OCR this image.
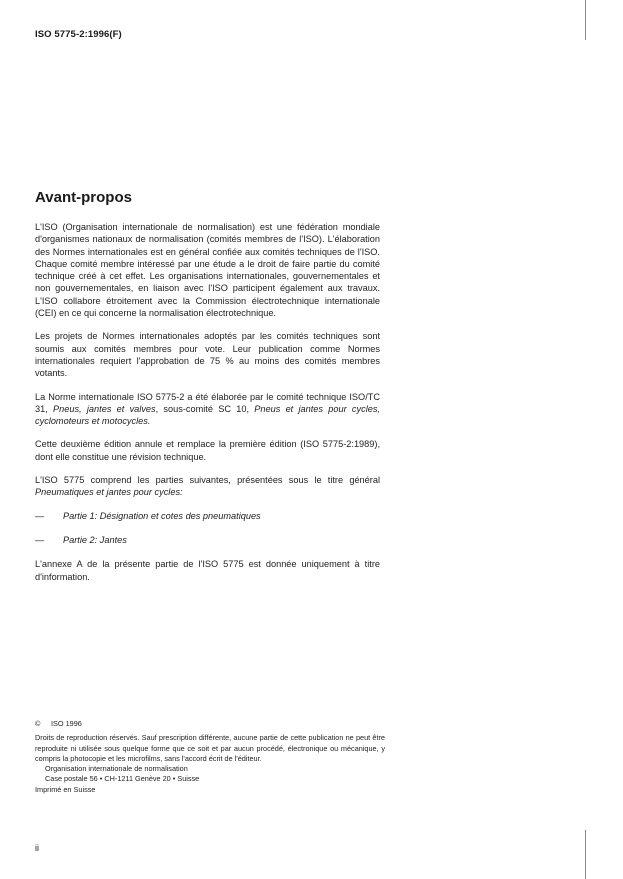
ISO 5775-2:1996(F)
Avant-propos

L'ISO (Organisation internationale de normalisation) est une fédération mondiale d'organismes nationaux de normalisation (comités membres de l'ISO). L'élaboration des Normes internationales est en général confiée aux comités techniques de l'ISO. Chaque comité membre intéressé par une étude a le droit de faire partie du comité technique créé à cet effet. Les organisations internationales, gouvernementales et non gouvernementales, en liaison avec l'ISO participent également aux travaux. L'ISO collabore étroitement avec la Commission électrotechnique internationale (CEI) en ce qui concerne la normalisation électrotechnique.

Les projets de Normes internationales adoptés par les comités techniques sont soumis aux comités membres pour vote. Leur publication comme Normes internationales requiert l'approbation de 75 % au moins des comités membres votants.

La Norme internationale ISO 5775-2 a été élaborée par le comité technique ISO/TC 31, Pneus, jantes et valves, sous-comité SC 10, Pneus et jantes pour cycles, cyclomoteurs et motocycles.

Cette deuxième édition annule et remplace la première édition (ISO 5775-2:1989), dont elle constitue une révision technique.

L'ISO 5775 comprend les parties suivantes, présentées sous le titre général Pneumatiques et jantes pour cycles:

—	Partie 1: Désignation et cotes des pneumatiques
—	Partie 2: Jantes

L'annexe A de la présente partie de l'ISO 5775 est donnée uniquement à titre d'information.

© ISO 1996
Droits de reproduction réservés. Sauf prescription différente, aucune partie de cette publication ne peut être reproduite ni utilisée sous quelque forme que ce soit et par aucun procédé, électronique ou mécanique, y compris la photocopie et les microfilms, sans l'accord écrit de l'éditeur.
Organisation internationale de normalisation
Case postale 56 • CH-1211 Genève 20 • Suisse
Imprimé en Suisse
ii
